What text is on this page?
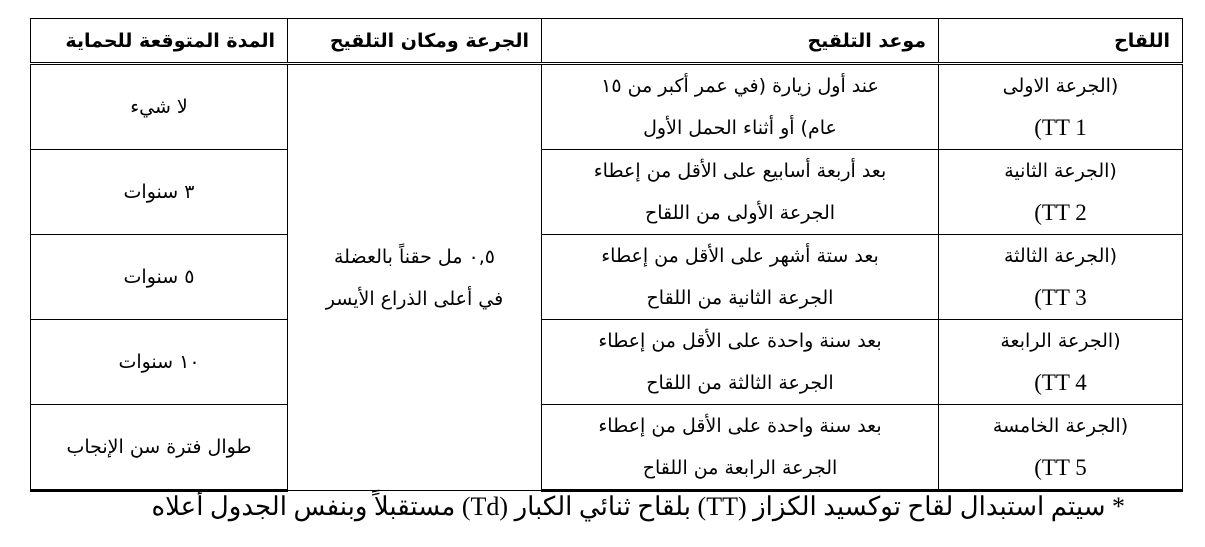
اللقاح	موعد التلقيح	الجرعة ومكان التلقيح	المدة المتوقعة للحماية

(الجرعة الاولى
TT 1)	عند أول زيارة (في عمر أكبر من ١٥
عام) أو أثناء الحمل الأول	٠,٥ مل حقناً بالعضلة
في أعلى الذراع الأيسر	لا شيء

(الجرعة الثانية
TT 2)	بعد أربعة أسابيع على الأقل من إعطاء
الجرعة الأولى من اللقاح		٣ سنوات

(الجرعة الثالثة
TT 3)	بعد ستة أشهر على الأقل من إعطاء
الجرعة الثانية من اللقاح		٥ سنوات

(الجرعة الرابعة
TT 4)	بعد سنة واحدة على الأقل من إعطاء
الجرعة الثالثة من اللقاح		١٠ سنوات

(الجرعة الخامسة
TT 5)	بعد سنة واحدة على الأقل من إعطاء
الجرعة الرابعة من اللقاح		طوال فترة سن الإنجاب
* سيتم استبدال لقاح توكسيد الكزاز (TT) بلقاح ثنائي الكبار (Td) مستقبلاً وبنفس الجدول أعلاه
